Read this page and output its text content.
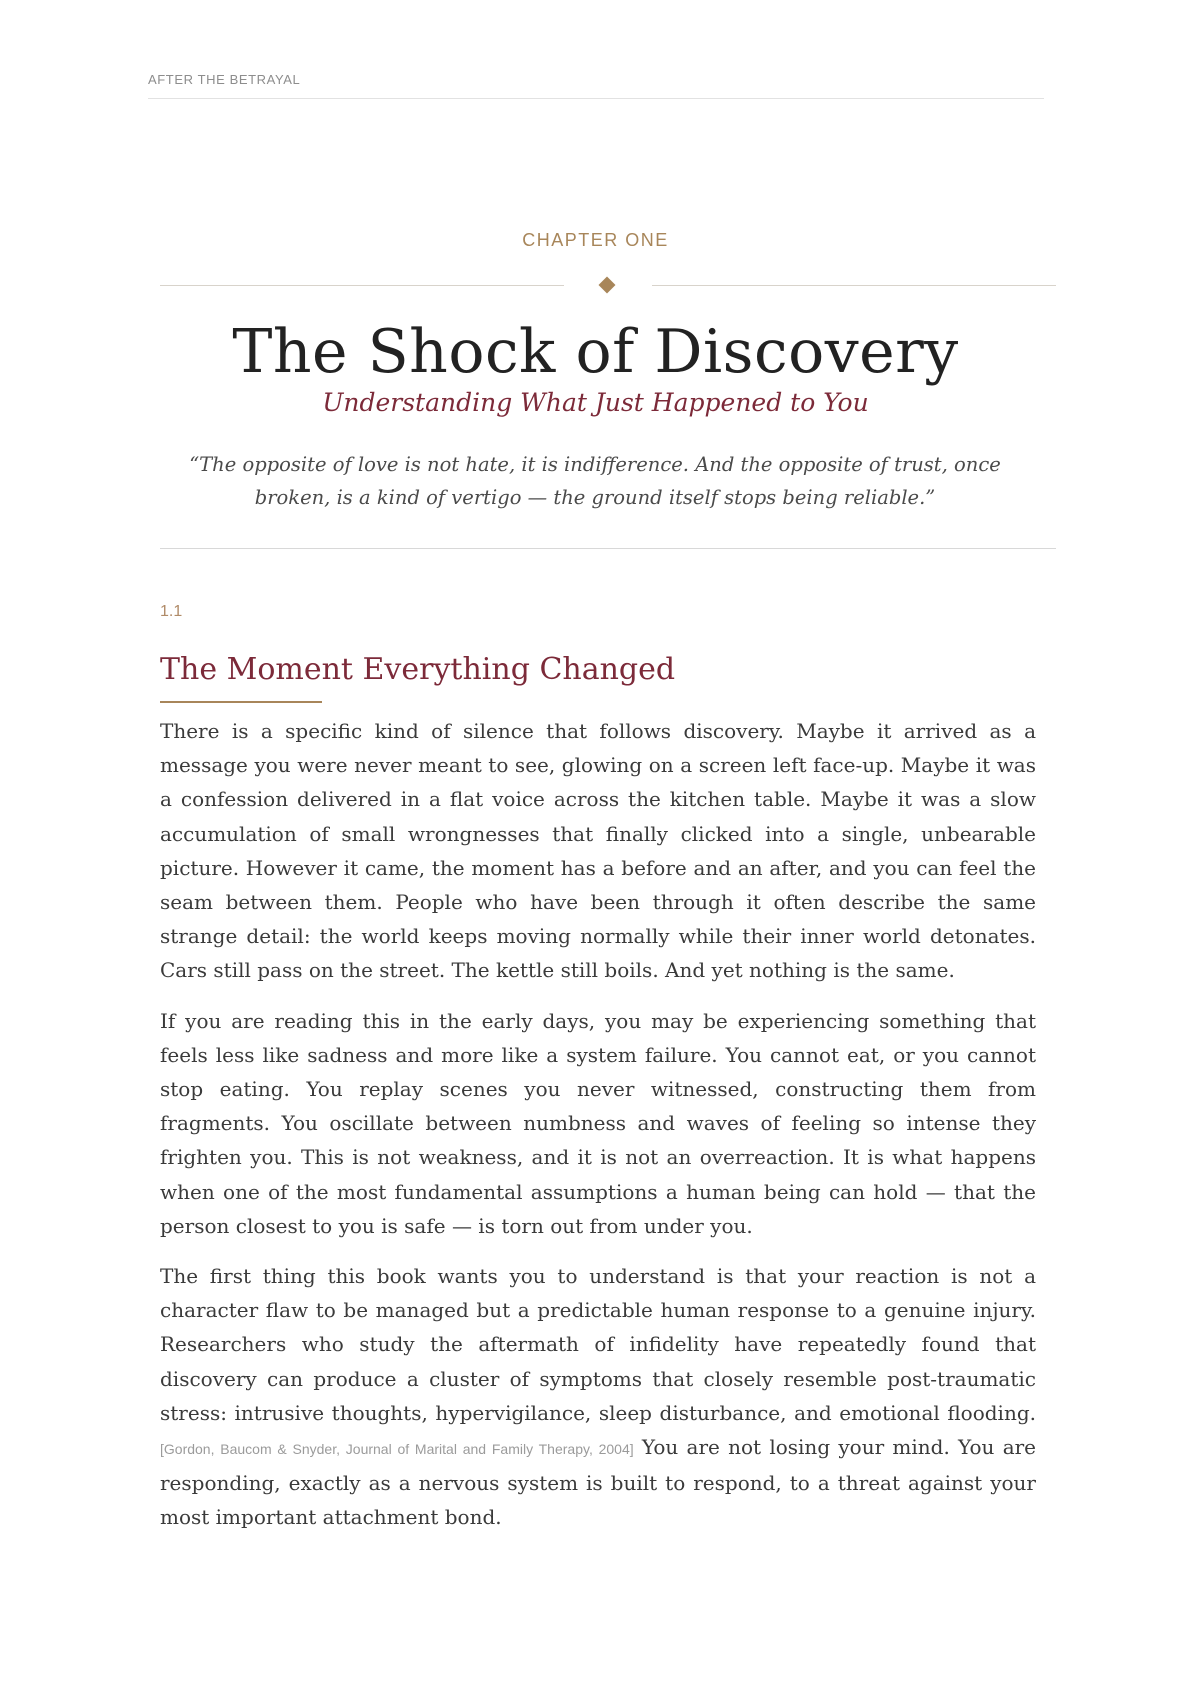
AFTER THE BETRAYAL
CHAPTER ONE
The Shock of Discovery
Understanding What Just Happened to You
“The opposite of love is not hate, it is indifference. And the opposite of trust, once broken, is a kind of vertigo — the ground itself stops being reliable.”
1.1
The Moment Everything Changed

There is a specific kind of silence that follows discovery. Maybe it arrived as a message you were never meant to see, glowing on a screen left face-up. Maybe it was a confession delivered in a flat voice across the kitchen table. Maybe it was a slow accumulation of small wrongnesses that finally clicked into a single, unbearable picture. However it came, the moment has a before and an after, and you can feel the seam between them. People who have been through it often describe the same strange detail: the world keeps moving normally while their inner world detonates. Cars still pass on the street. The kettle still boils. And yet nothing is the same.

If you are reading this in the early days, you may be experiencing something that feels less like sadness and more like a system failure. You cannot eat, or you cannot stop eating. You replay scenes you never witnessed, constructing them from fragments. You oscillate between numbness and waves of feeling so intense they frighten you. This is not weakness, and it is not an overreaction. It is what happens when one of the most fundamental assumptions a human being can hold — that the person closest to you is safe — is torn out from under you.

The first thing this book wants you to understand is that your reaction is not a character flaw to be managed but a predictable human response to a genuine injury. Researchers who study the aftermath of infidelity have repeatedly found that discovery can produce a cluster of symptoms that closely resemble post-traumatic stress: intrusive thoughts, hypervigilance, sleep disturbance, and emotional flooding. [Gordon, Baucom & Snyder, Journal of Marital and Family Therapy, 2004] You are not losing your mind. You are responding, exactly as a nervous system is built to respond, to a threat against your most important attachment bond.
